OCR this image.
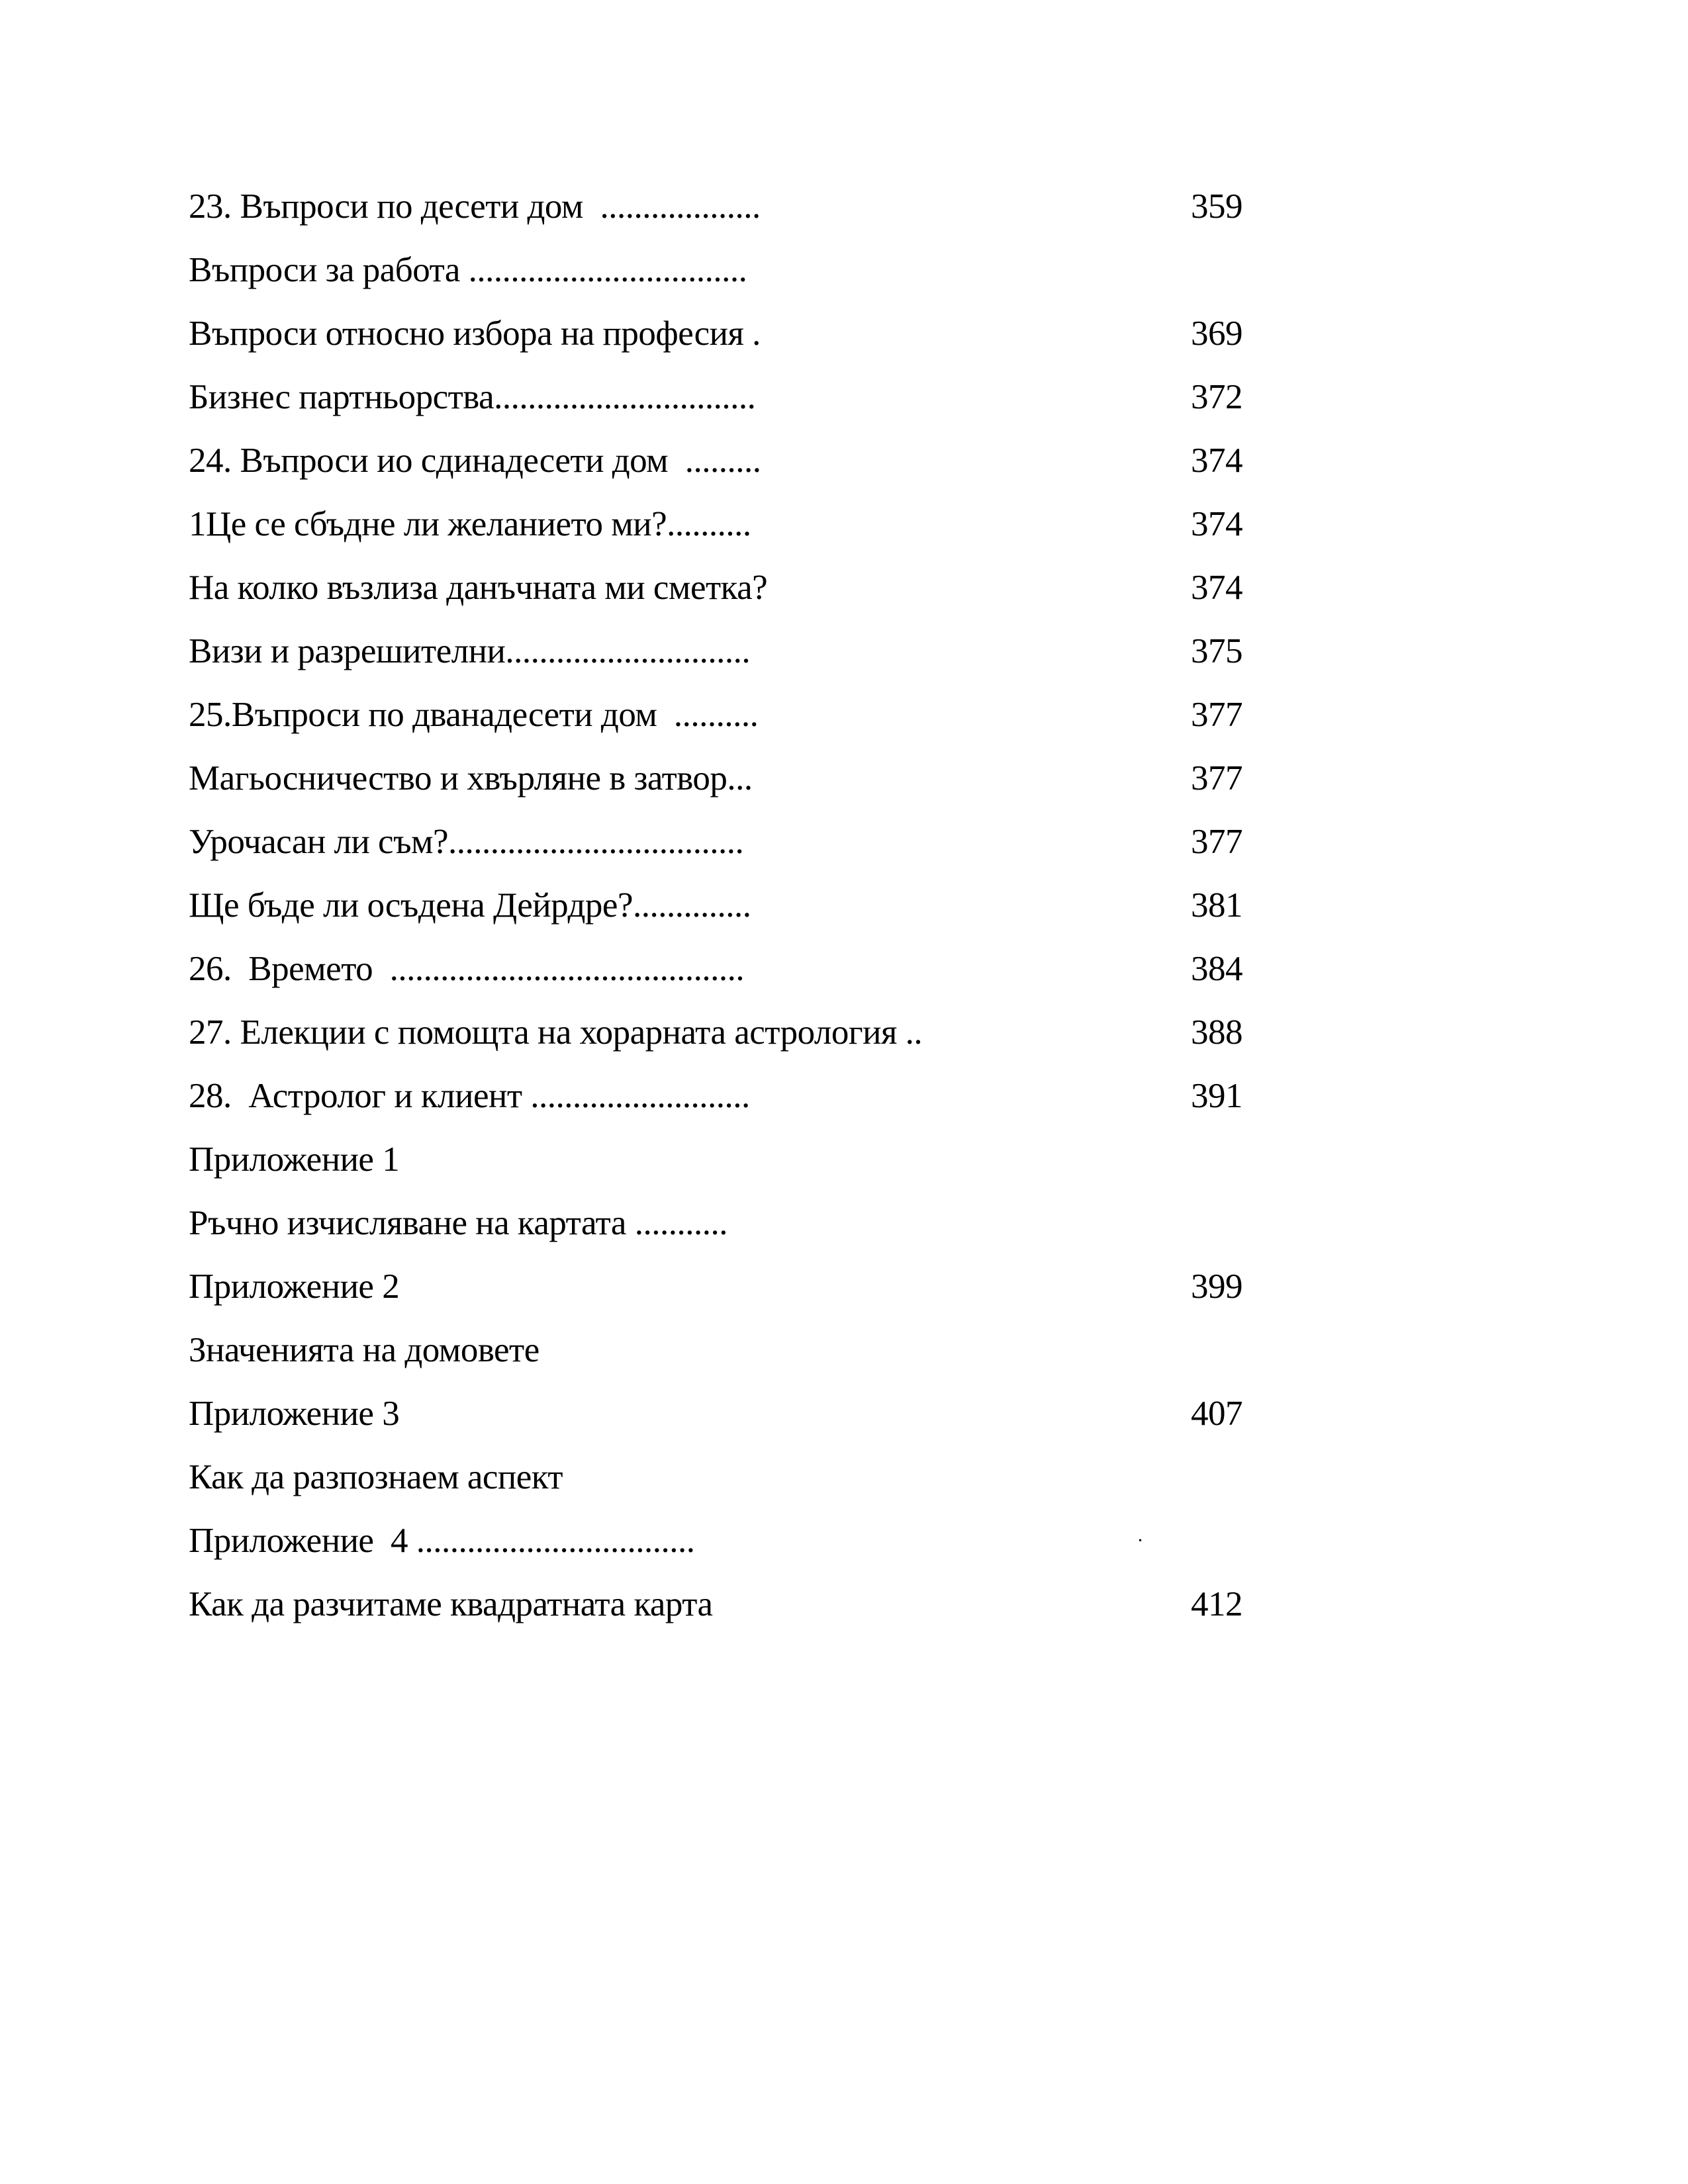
23. Въпроси по десети дом  ...................	359
Въпроси за работа .................................
Въпроси относно избора на професия .	369
Бизнес партньорства...............................	372
24. Въпроси ио сдинадесети дом  .........	374
1Це се сбъдне ли желанието ми?..........	374
На колко възлиза данъчната ми сметка?	374
Визи и разрешителни.............................	375
25.Въпроси по дванадесети дом  ..........	377
Магьосничество и хвърляне в затвор...	377
Урочасан ли съм?...................................	377
Ще бъде ли осъдена Дейрдре?..............	381
26.  Времето  ..........................................	384
27. Елекции с помощта на хорарната астрология ..	388
28.  Астролог и клиент ..........................	391
Приложение 1
Ръчно изчисляване на картата ...........
Приложение 2	399
Значенията на домовете
Приложение 3	407
Как да разпознаем аспект
Приложение  4 .................................	·
Как да разчитаме квадратната карта	412
